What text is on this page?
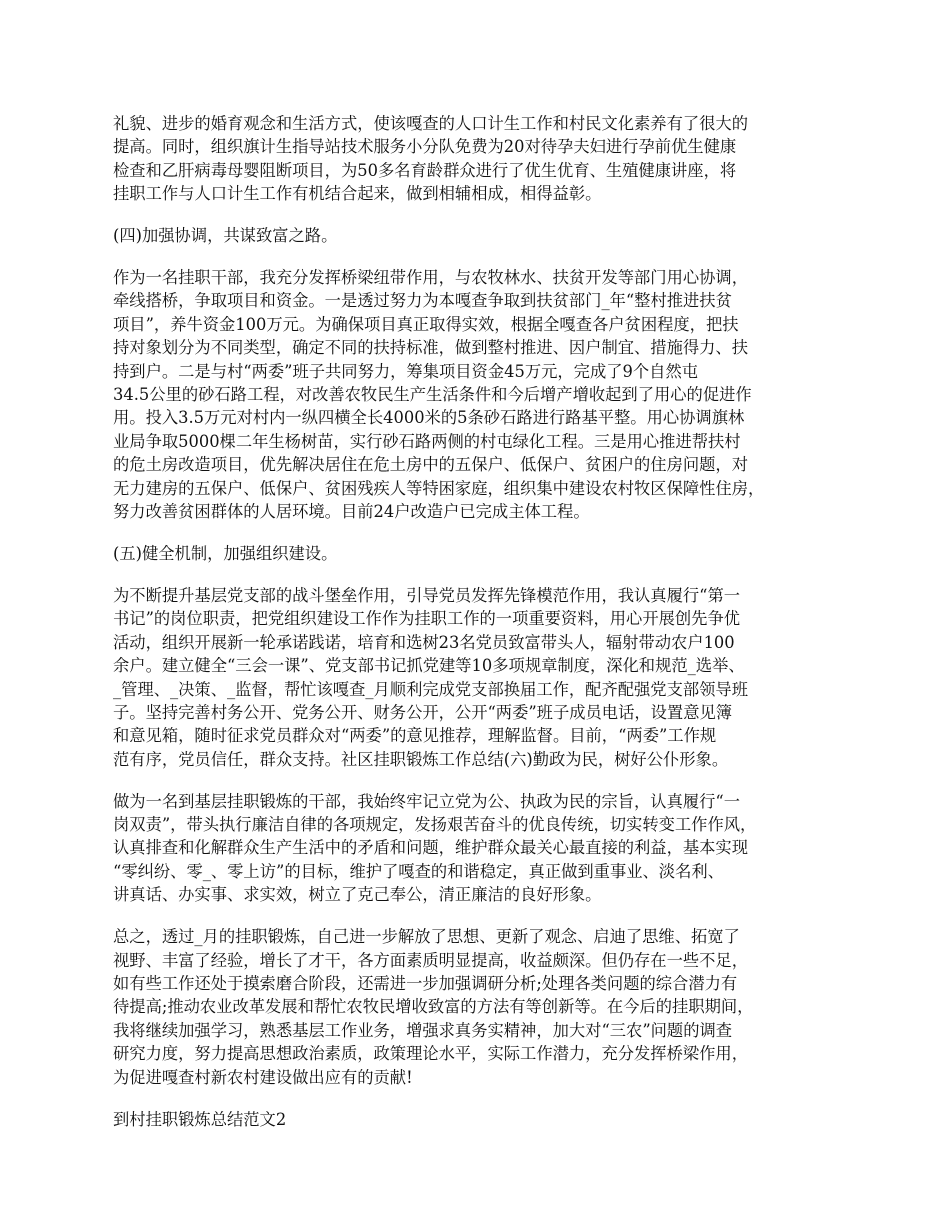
礼貌、进步的婚育观念和生活方式，使该嘎查的人口计生工作和村民文化素养有了很大的
提高。同时，组织旗计生指导站技术服务小分队免费为20对待孕夫妇进行孕前优生健康
检查和乙肝病毒母婴阻断项目，为50多名育龄群众进行了优生优育、生殖健康讲座，将
挂职工作与人口计生工作有机结合起来，做到相辅相成，相得益彰。

(四)加强协调，共谋致富之路。

作为一名挂职干部，我充分发挥桥梁纽带作用，与农牧林水、扶贫开发等部门用心协调，
牵线搭桥，争取项目和资金。一是透过努力为本嘎查争取到扶贫部门_年“整村推进扶贫
项目”，养牛资金100万元。为确保项目真正取得实效，根据全嘎查各户贫困程度，把扶
持对象划分为不同类型，确定不同的扶持标准，做到整村推进、因户制宜、措施得力、扶
持到户。二是与村“两委”班子共同努力，筹集项目资金45万元，完成了9个自然屯
34.5公里的砂石路工程，对改善农牧民生产生活条件和今后增产增收起到了用心的促进作
用。投入3.5万元对村内一纵四横全长4000米的5条砂石路进行路基平整。用心协调旗林
业局争取5000棵二年生杨树苗，实行砂石路两侧的村屯绿化工程。三是用心推进帮扶村
的危土房改造项目，优先解决居住在危土房中的五保户、低保户、贫困户的住房问题，对
无力建房的五保户、低保户、贫困残疾人等特困家庭，组织集中建设农村牧区保障性住房，
努力改善贫困群体的人居环境。目前24户改造户已完成主体工程。

(五)健全机制，加强组织建设。

为不断提升基层党支部的战斗堡垒作用，引导党员发挥先锋模范作用，我认真履行“第一
书记”的岗位职责，把党组织建设工作作为挂职工作的一项重要资料，用心开展创先争优
活动，组织开展新一轮承诺践诺，培育和选树23名党员致富带头人，辐射带动农户100
余户。建立健全“三会一课”、党支部书记抓党建等10多项规章制度，深化和规范_选举、
_管理、_决策、_监督，帮忙该嘎查_月顺利完成党支部换届工作，配齐配强党支部领导班
子。坚持完善村务公开、党务公开、财务公开，公开“两委”班子成员电话，设置意见簿
和意见箱，随时征求党员群众对“两委”的意见推荐，理解监督。目前，“两委”工作规
范有序，党员信任，群众支持。社区挂职锻炼工作总结(六)勤政为民，树好公仆形象。

做为一名到基层挂职锻炼的干部，我始终牢记立党为公、执政为民的宗旨，认真履行“一
岗双责”，带头执行廉洁自律的各项规定，发扬艰苦奋斗的优良传统，切实转变工作作风，
认真排查和化解群众生产生活中的矛盾和问题，维护群众最关心最直接的利益，基本实现
“零纠纷、零_、零上访”的目标，维护了嘎查的和谐稳定，真正做到重事业、淡名利、
讲真话、办实事、求实效，树立了克己奉公，清正廉洁的良好形象。

总之，透过_月的挂职锻炼，自己进一步解放了思想、更新了观念、启迪了思维、拓宽了
视野、丰富了经验，增长了才干，各方面素质明显提高，收益颇深。但仍存在一些不足，
如有些工作还处于摸索磨合阶段，还需进一步加强调研分析;处理各类问题的综合潜力有
待提高;推动农业改革发展和帮忙农牧民增收致富的方法有等创新等。在今后的挂职期间，
我将继续加强学习，熟悉基层工作业务，增强求真务实精神，加大对“三农”问题的调查
研究力度，努力提高思想政治素质，政策理论水平，实际工作潜力，充分发挥桥梁作用，
为促进嘎查村新农村建设做出应有的贡献!

到村挂职锻炼总结范文2
